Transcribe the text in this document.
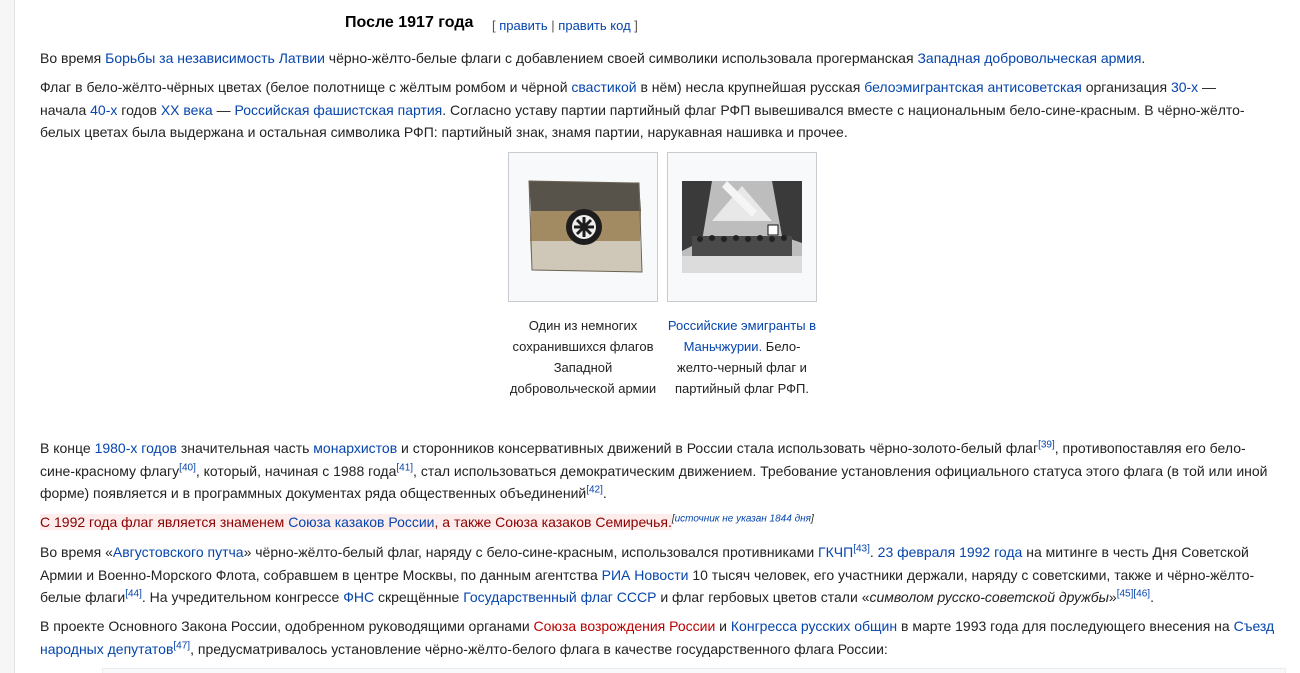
После 1917 года [ править | править код ]

Во время Борьбы за независимость Латвии чёрно-жёлто-белые флаги с добавлением своей символики использовала прогерманская Западная добровольческая армия.

Флаг в бело-жёлто-чёрных цветах (белое полотнище с жёлтым ромбом и чёрной свастикой в нём) несла крупнейшая русская белоэмигрантская антисоветская организация 30-х — начала 40-х годов XX века — Российская фашистская партия. Согласно уставу партии партийный флаг РФП вывешивался вместе с национальным бело-сине-красным. В чёрно-жёлто-белых цветах была выдержана и остальная символика РФП: партийный знак, знамя партии, нарукавная нашивка и прочее.

Один из немногих сохранившихся флагов Западной добровольческой армии
Российские эмигранты в Маньчжурии. Бело-желто-черный флаг и партийный флаг РФП.

В конце 1980-х годов значительная часть монархистов и сторонников консервативных движений в России стала использовать чёрно-золото-белый флаг[39], противопоставляя его бело-сине-красному флагу[40], который, начиная с 1988 года[41], стал использоваться демократическим движением. Требование установления официального статуса этого флага (в той или иной форме) появляется и в программных документах ряда общественных объединений[42].

С 1992 года флаг является знаменем Союза казаков России, а также Союза казаков Семиречья.[источник не указан 1844 дня]

Во время «Августовского путча» чёрно-жёлто-белый флаг, наряду с бело-сине-красным, использовался противниками ГКЧП[43]. 23 февраля 1992 года на митинге в честь Дня Советской Армии и Военно-Морского Флота, собравшем в центре Москвы, по данным агентства РИА Новости 10 тысяч человек, его участники держали, наряду с советскими, также и чёрно-жёлто-белые флаги[44]. На учредительном конгрессе ФНС скрещённые Государственный флаг СССР и флаг гербовых цветов стали «символом русско-советской дружбы»[45][46].

В проекте Основного Закона России, одобренном руководящими органами Союза возрождения России и Конгресса русских общин в марте 1993 года для последующего внесения на Съезд народных депутатов[47], предусматривалось установление чёрно-жёлто-белого флага в качестве государственного флага России:
